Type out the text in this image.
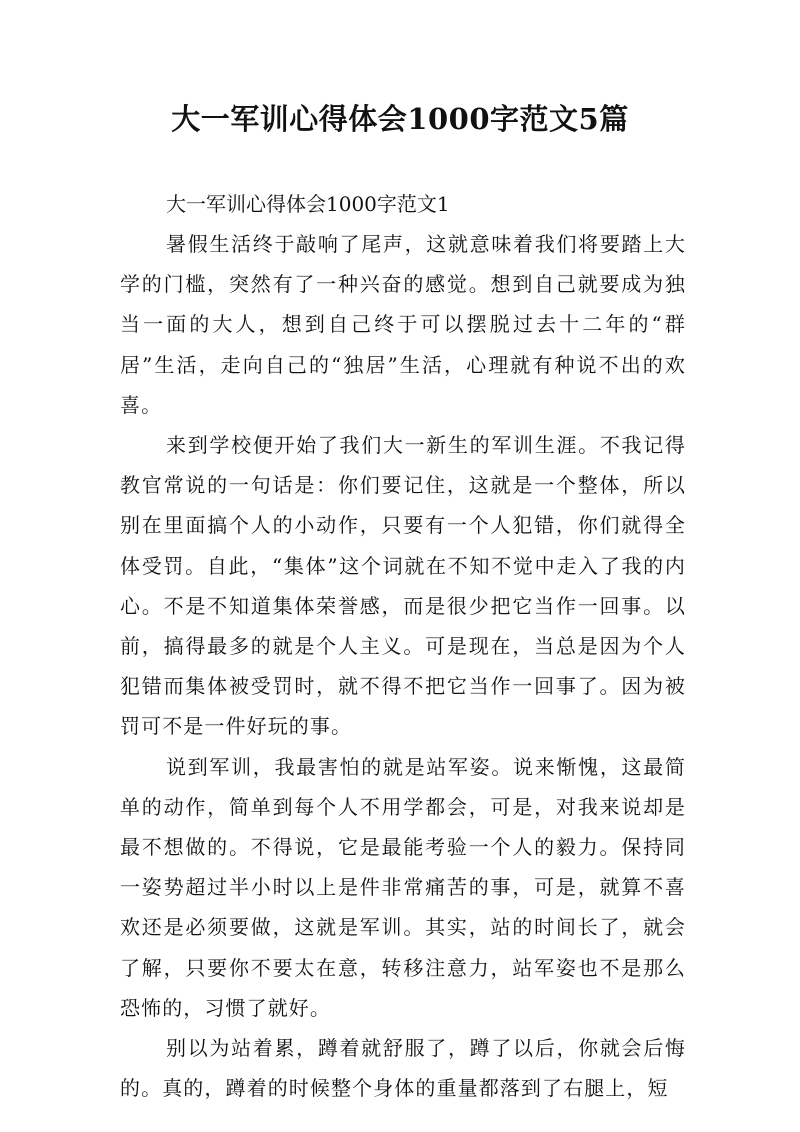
大一军训心得体会1000字范文5篇

大一军训心得体会1000字范文1

暑假生活终于敲响了尾声，这就意味着我们将要踏上大学的门槛，突然有了一种兴奋的感觉。想到自己就要成为独当一面的大人，想到自己终于可以摆脱过去十二年的“群居”生活，走向自己的“独居”生活，心理就有种说不出的欢喜。

来到学校便开始了我们大一新生的军训生涯。不我记得教官常说的一句话是：你们要记住，这就是一个整体，所以别在里面搞个人的小动作，只要有一个人犯错，你们就得全体受罚。自此，“集体”这个词就在不知不觉中走入了我的内心。不是不知道集体荣誉感，而是很少把它当作一回事。以前，搞得最多的就是个人主义。可是现在，当总是因为个人犯错而集体被受罚时，就不得不把它当作一回事了。因为被罚可不是一件好玩的事。

说到军训，我最害怕的就是站军姿。说来惭愧，这最简单的动作，简单到每个人不用学都会，可是，对我来说却是最不想做的。不得说，它是最能考验一个人的毅力。保持同一姿势超过半小时以上是件非常痛苦的事，可是，就算不喜欢还是必须要做，这就是军训。其实，站的时间长了，就会了解，只要你不要太在意，转移注意力，站军姿也不是那么恐怖的，习惯了就好。

别以为站着累，蹲着就舒服了，蹲了以后，你就会后悔的。真的，蹲着的时候整个身体的重量都落到了右腿上，短
